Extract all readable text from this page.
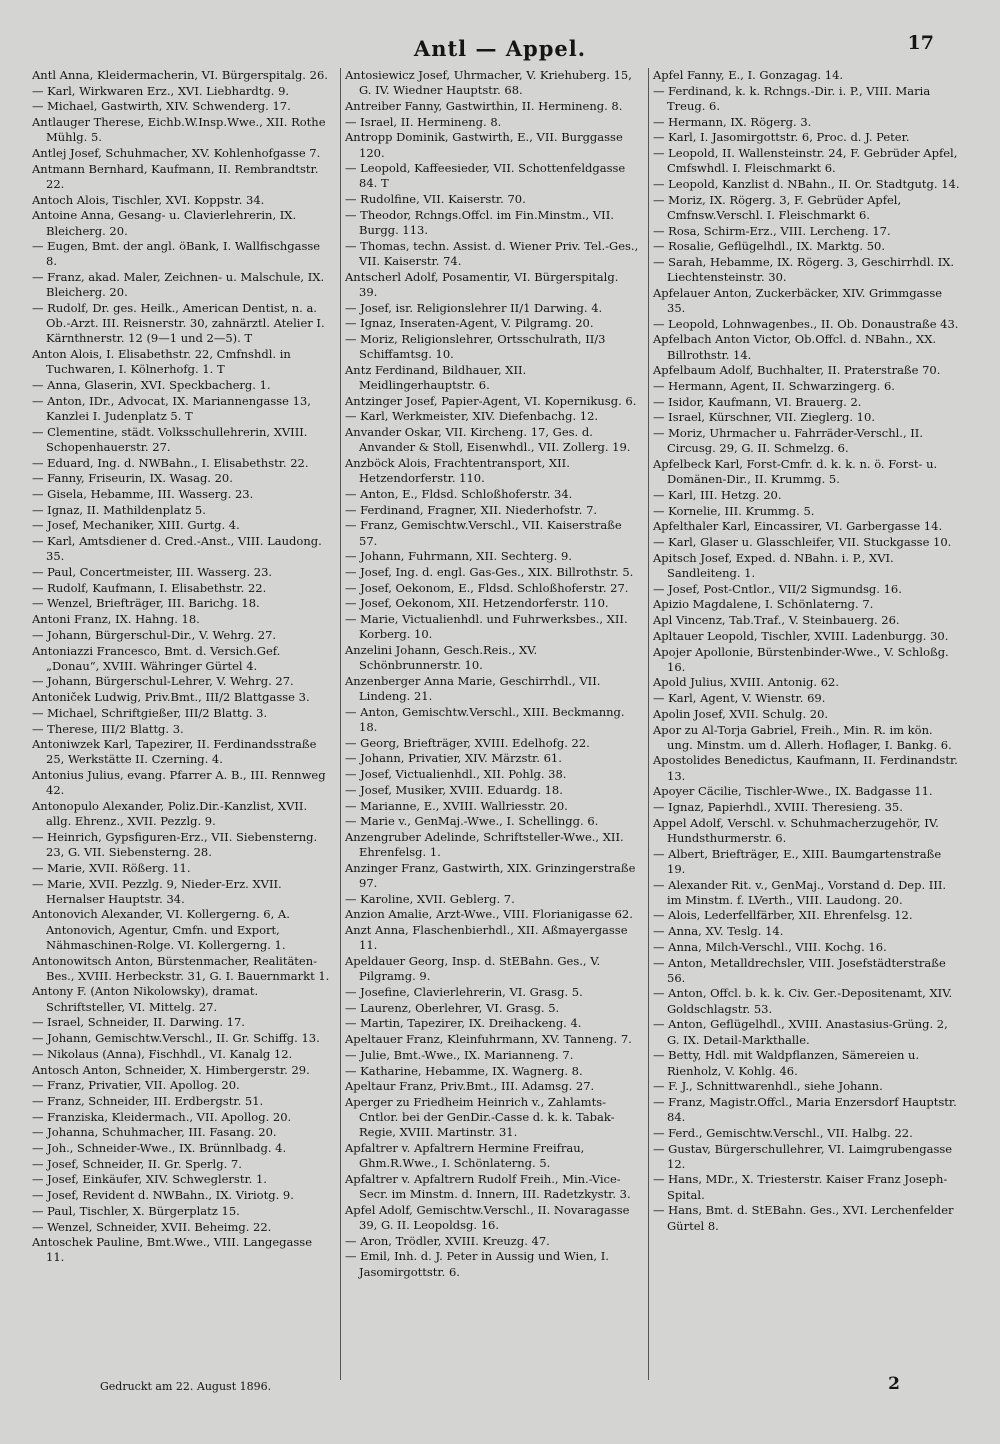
Antl — Appel.	17
Antl Anna, Kleidermacherin, VI. Bürgerspitalg. 26.
— Karl, Wirkwaren Erz., XVI. Liebhardtg. 9.
— Michael, Gastwirth, XIV. Schwenderg. 17.
Antlauger Therese, Eichb.W.Insp.Wwe., XII. Rothe Mühlg. 5.
Antlej Josef, Schuhmacher, XV. Kohlenhofgasse 7.
Antmann Bernhard, Kaufmann, II. Rembrandtstr. 22.
Antoch Alois, Tischler, XVI. Koppstr. 34.
Antoine Anna, Gesang- u. Clavierlehrerin, IX. Bleicherg. 20.
— Eugen, Bmt. der angl. öBank, I. Wallfischgasse 8.
— Franz, akad. Maler, Zeichnen- u. Malschule, IX. Bleicherg. 20.
— Rudolf, Dr. ges. Heilk., American Dentist, n. a. Ob.-Arzt. III. Reisnerstr. 30, zahnärztl. Atelier I. Kärnthnerstr. 12 (9—1 und 2—5). T
Anton Alois, I. Elisabethstr. 22, Cmfnshdl. in Tuchwaren, I. Kölnerhofg. 1. T
— Anna, Glaserin, XVI. Speckbacherg. 1.
— Anton, IDr., Advocat, IX. Mariannengasse 13, Kanzlei I. Judenplatz 5. T
— Clementine, städt. Volksschullehrerin, XVIII. Schopenhauerstr. 27.
— Eduard, Ing. d. NWBahn., I. Elisabethstr. 22.
— Fanny, Friseurin, IX. Wasag. 20.
— Gisela, Hebamme, III. Wasserg. 23.
— Ignaz, II. Mathildenplatz 5.
— Josef, Mechaniker, XIII. Gurtg. 4.
— Karl, Amtsdiener d. Cred.-Anst., VIII. Laudong. 35.
— Paul, Concertmeister, III. Wasserg. 23.
— Rudolf, Kaufmann, I. Elisabethstr. 22.
— Wenzel, Briefträger, III. Barichg. 18.
Antoni Franz, IX. Hahng. 18.
— Johann, Bürgerschul-Dir., V. Wehrg. 27.
Antoniazzi Francesco, Bmt. d. Versich.Gef. „Donau“, XVIII. Währinger Gürtel 4.
— Johann, Bürgerschul-Lehrer, V. Wehrg. 27.
Antoniček Ludwig, Priv.Bmt., III/2 Blattgasse 3.
— Michael, Schriftgießer, III/2 Blattg. 3.
— Therese, III/2 Blattg. 3.
Antoniwzek Karl, Tapezirer, II. Ferdinandsstraße 25, Werkstätte II. Czerning. 4.
Antonius Julius, evang. Pfarrer A. B., III. Rennweg 42.
Antonopulo Alexander, Poliz.Dir.-Kanzlist, XVII. allg. Ehrenz., XVII. Pezzlg. 9.
— Heinrich, Gypsfiguren-Erz., VII. Siebensterng. 23, G. VII. Siebensterng. 28.
— Marie, XVII. Rößerg. 11.
— Marie, XVII. Pezzlg. 9, Nieder-Erz. XVII. Hernalser Hauptstr. 34.
Antonovich Alexander, VI. Kollergerng. 6, A. Antonovich, Agentur, Cmfn. und Export, Nähmaschinen-Rolge. VI. Kollergerng. 1.
Antonowitsch Anton, Bürstenmacher, Realitäten-Bes., XVIII. Herbeckstr. 31, G. I. Bauernmarkt 1.
Antony F. (Anton Nikolowsky), dramat. Schriftsteller, VI. Mittelg. 27.
— Israel, Schneider, II. Darwing. 17.
— Johann, Gemischtw.Verschl., II. Gr. Schiffg. 13.
— Nikolaus (Anna), Fischhdl., VI. Kanalg 12.
Antosch Anton, Schneider, X. Himbergerstr. 29.
— Franz, Privatier, VII. Apollog. 20.
— Franz, Schneider, III. Erdbergstr. 51.
— Franziska, Kleidermach., VII. Apollog. 20.
— Johanna, Schuhmacher, III. Fasang. 20.
— Joh., Schneider-Wwe., IX. Brünnlbadg. 4.
— Josef, Schneider, II. Gr. Sperlg. 7.
— Josef, Einkäufer, XIV. Schweglerstr. 1.
— Josef, Revident d. NWBahn., IX. Viriotg. 9.
— Paul, Tischler, X. Bürgerplatz 15.
— Wenzel, Schneider, XVII. Beheimg. 22.
Antoschek Pauline, Bmt.Wwe., VIII. Langegasse 11.
Antosiewicz Josef, Uhrmacher, V. Kriehuberg. 15, G. IV. Wiedner Hauptstr. 68.
Antreiber Fanny, Gastwirthin, II. Hermineng. 8.
— Israel, II. Hermineng. 8.
Antropp Dominik, Gastwirth, E., VII. Burggasse 120.
— Leopold, Kaffeesieder, VII. Schottenfeldgasse 84. T
— Rudolfine, VII. Kaiserstr. 70.
— Theodor, Rchngs.Offcl. im Fin.Minstm., VII. Burgg. 113.
— Thomas, techn. Assist. d. Wiener Priv. Tel.-Ges., VII. Kaiserstr. 74.
Antscherl Adolf, Posamentir, VI. Bürgerspitalg. 39.
— Josef, isr. Religionslehrer II/1 Darwing. 4.
— Ignaz, Inseraten-Agent, V. Pilgramg. 20.
— Moriz, Religionslehrer, Ortsschulrath, II/3 Schiffamtsg. 10.
Antz Ferdinand, Bildhauer, XII. Meidlingerhauptstr. 6.
Antzinger Josef, Papier-Agent, VI. Kopernikusg. 6.
— Karl, Werkmeister, XIV. Diefenbachg. 12.
Anvander Oskar, VII. Kircheng. 17, Ges. d. Anvander & Stoll, Eisenwhdl., VII. Zollerg. 19.
Anzböck Alois, Frachtentransport, XII. Hetzendorferstr. 110.
— Anton, E., Fldsd. Schloßhoferstr. 34.
— Ferdinand, Fragner, XII. Niederhofstr. 7.
— Franz, Gemischtw.Verschl., VII. Kaiserstraße 57.
— Johann, Fuhrmann, XII. Sechterg. 9.
— Josef, Ing. d. engl. Gas-Ges., XIX. Billrothstr. 5.
— Josef, Oekonom, E., Fldsd. Schloßhoferstr. 27.
— Josef, Oekonom, XII. Hetzendorferstr. 110.
— Marie, Victualienhdl. und Fuhrwerksbes., XII. Korberg. 10.
Anzelini Johann, Gesch.Reis., XV. Schönbrunnerstr. 10.
Anzenberger Anna Marie, Geschirrhdl., VII. Lindeng. 21.
— Anton, Gemischtw.Verschl., XIII. Beckmanng. 18.
— Georg, Briefträger, XVIII. Edelhofg. 22.
— Johann, Privatier, XIV. Märzstr. 61.
— Josef, Victualienhdl., XII. Pohlg. 38.
— Josef, Musiker, XVIII. Eduardg. 18.
— Marianne, E., XVIII. Wallriesstr. 20.
— Marie v., GenMaj.-Wwe., I. Schellingg. 6.
Anzengruber Adelinde, Schriftsteller-Wwe., XII. Ehrenfelsg. 1.
Anzinger Franz, Gastwirth, XIX. Grinzingerstraße 97.
— Karoline, XVII. Geblerg. 7.
Anzion Amalie, Arzt-Wwe., VIII. Florianigasse 62.
Anzt Anna, Flaschenbierhdl., XII. Aßmayergasse 11.
Apeldauer Georg, Insp. d. StEBahn. Ges., V. Pilgramg. 9.
— Josefine, Clavierlehrerin, VI. Grasg. 5.
— Laurenz, Oberlehrer, VI. Grasg. 5.
— Martin, Tapezirer, IX. Dreihackeng. 4.
Apeltauer Franz, Kleinfuhrmann, XV. Tanneng. 7.
— Julie, Bmt.-Wwe., IX. Marianneng. 7.
— Katharine, Hebamme, IX. Wagnerg. 8.
Apeltaur Franz, Priv.Bmt., III. Adamsg. 27.
Aperger zu Friedheim Heinrich v., Zahlamts-Cntlor. bei der GenDir.-Casse d. k. k. Tabak-Regie, XVIII. Martinstr. 31.
Apfaltrer v. Apfaltrern Hermine Freifrau, Ghm.R.Wwe., I. Schönlaterng. 5.
Apfaltrer v. Apfaltrern Rudolf Freih., Min.-Vice-Secr. im Minstm. d. Innern, III. Radetzkystr. 3.
Apfel Adolf, Gemischtw.Verschl., II. Novaragasse 39, G. II. Leopoldsg. 16.
— Aron, Trödler, XVIII. Kreuzg. 47.
— Emil, Inh. d. J. Peter in Aussig und Wien, I. Jasomirgottstr. 6.
Apfel Fanny, E., I. Gonzagag. 14.
— Ferdinand, k. k. Rchngs.-Dir. i. P., VIII. Maria Treug. 6.
— Hermann, IX. Rögerg. 3.
— Karl, I. Jasomirgottstr. 6, Proc. d. J. Peter.
— Leopold, II. Wallensteinstr. 24, F. Gebrüder Apfel, Cmfswhdl. I. Fleischmarkt 6.
— Leopold, Kanzlist d. NBahn., II. Or. Stadtgutg. 14.
— Moriz, IX. Rögerg. 3, F. Gebrüder Apfel, Cmfnsw.Verschl. I. Fleischmarkt 6.
— Rosa, Schirm-Erz., VIII. Lercheng. 17.
— Rosalie, Geflügelhdl., IX. Marktg. 50.
— Sarah, Hebamme, IX. Rögerg. 3, Geschirrhdl. IX. Liechtensteinstr. 30.
Apfelauer Anton, Zuckerbäcker, XIV. Grimmgasse 35.
— Leopold, Lohnwagenbes., II. Ob. Donaustraße 43.
Apfelbach Anton Victor, Ob.Offcl. d. NBahn., XX. Billrothstr. 14.
Apfelbaum Adolf, Buchhalter, II. Praterstraße 70.
— Hermann, Agent, II. Schwarzingerg. 6.
— Isidor, Kaufmann, VI. Brauerg. 2.
— Israel, Kürschner, VII. Zieglerg. 10.
— Moriz, Uhrmacher u. Fahrräder-Verschl., II. Circusg. 29, G. II. Schmelzg. 6.
Apfelbeck Karl, Forst-Cmfr. d. k. k. n. ö. Forst- u. Domänen-Dir., II. Krummg. 5.
— Karl, III. Hetzg. 20.
— Kornelie, III. Krummg. 5.
Apfelthaler Karl, Eincassirer, VI. Garbergasse 14.
— Karl, Glaser u. Glasschleifer, VII. Stuckgasse 10.
Apitsch Josef, Exped. d. NBahn. i. P., XVI. Sandleiteng. 1.
— Josef, Post-Cntlor., VII/2 Sigmundsg. 16.
Apizio Magdalene, I. Schönlaterng. 7.
Apl Vincenz, Tab.Traf., V. Steinbauerg. 26.
Apltauer Leopold, Tischler, XVIII. Ladenburgg. 30.
Apojer Apollonie, Bürstenbinder-Wwe., V. Schloßg. 16.
Apold Julius, XVIII. Antonig. 62.
— Karl, Agent, V. Wienstr. 69.
Apolin Josef, XVII. Schulg. 20.
Apor zu Al-Torja Gabriel, Freih., Min. R. im kön. ung. Minstm. um d. Allerh. Hoflager, I. Bankg. 6.
Apostolides Benedictus, Kaufmann, II. Ferdinandstr. 13.
Apoyer Cäcilie, Tischler-Wwe., IX. Badgasse 11.
— Ignaz, Papierhdl., XVIII. Theresieng. 35.
Appel Adolf, Verschl. v. Schuhmacherzugehör, IV. Hundsthurmerstr. 6.
— Albert, Briefträger, E., XIII. Baumgartenstraße 19.
— Alexander Rit. v., GenMaj., Vorstand d. Dep. III. im Minstm. f. LVerth., VIII. Laudong. 20.
— Alois, Lederfellfärber, XII. Ehrenfelsg. 12.
— Anna, XV. Teslg. 14.
— Anna, Milch-Verschl., VIII. Kochg. 16.
— Anton, Metalldrechsler, VIII. Josefstädterstraße 56.
— Anton, Offcl. b. k. k. Civ. Ger.-Depositenamt, XIV. Goldschlagstr. 53.
— Anton, Geflügelhdl., XVIII. Anastasius-Grüng. 2, G. IX. Detail-Markthalle.
— Betty, Hdl. mit Waldpflanzen, Sämereien u. Rienholz, V. Kohlg. 46.
— F. J., Schnittwarenhdl., siehe Johann.
— Franz, Magistr.Offcl., Maria Enzersdorf Hauptstr. 84.
— Ferd., Gemischtw.Verschl., VII. Halbg. 22.
— Gustav, Bürgerschullehrer, VI. Laimgrubengasse 12.
— Hans, MDr., X. Triesterstr. Kaiser Franz Joseph-Spital.
— Hans, Bmt. d. StEBahn. Ges., XVI. Lerchenfelder Gürtel 8.
Gedruckt am 22. August 1896.	2
